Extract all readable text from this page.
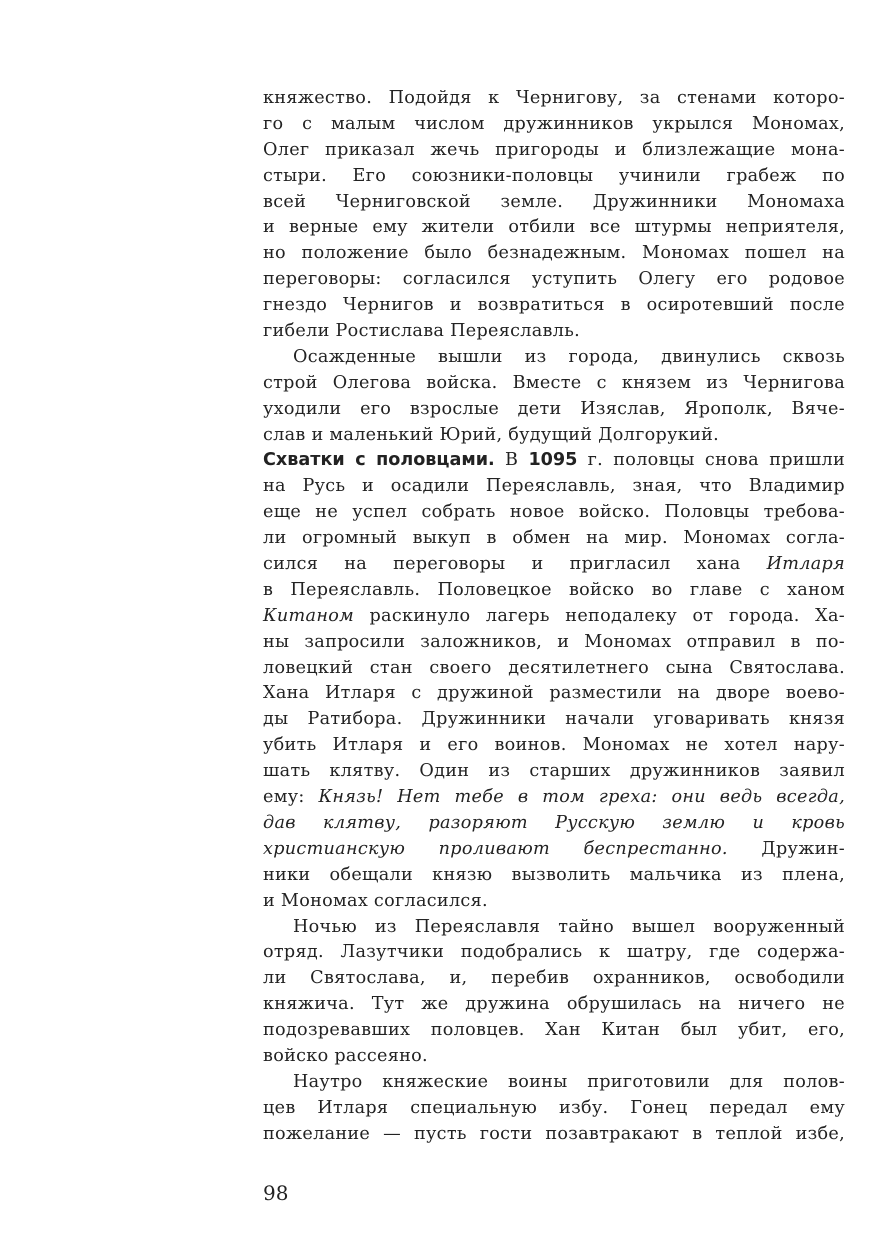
княжество. Подойдя к Чернигову, за стенами которо-
го с малым числом дружинников укрылся Мономах,
Олег приказал жечь пригороды и близлежащие мона-
стыри. Его союзники-половцы учинили грабеж по
всей Черниговской земле. Дружинники Мономаха
и верные ему жители отбили все штурмы неприятеля,
но положение было безнадежным. Мономах пошел на
переговоры: согласился уступить Олегу его родовое
гнездо Чернигов и возвратиться в осиротевший после
гибели Ростислава Переяславль.
Осажденные вышли из города, двинулись сквозь
строй Олегова войска. Вместе с князем из Чернигова
уходили его взрослые дети Изяслав, Ярополк, Вяче-
слав и маленький Юрий, будущий Долгорукий.
Схватки с половцами. В 1095 г. половцы снова пришли
на Русь и осадили Переяславль, зная, что Владимир
еще не успел собрать новое войско. Половцы требова-
ли огромный выкуп в обмен на мир. Мономах согла-
сился на переговоры и пригласил хана Итларя
в Переяславль. Половецкое войско во главе с ханом
Китаном раскинуло лагерь неподалеку от города. Ха-
ны запросили заложников, и Мономах отправил в по-
ловецкий стан своего десятилетнего сына Святослава.
Хана Итларя с дружиной разместили на дворе воево-
ды Ратибора. Дружинники начали уговаривать князя
убить Итларя и его воинов. Мономах не хотел нару-
шать клятву. Один из старших дружинников заявил
ему: Князь! Нет тебе в том греха: они ведь всегда,
дав клятву, разоряют Русскую землю и кровь
христианскую проливают беспрестанно. Дружин-
ники обещали князю вызволить мальчика из плена,
и Мономах согласился.
Ночью из Переяславля тайно вышел вооруженный
отряд. Лазутчики подобрались к шатру, где содержа-
ли Святослава, и, перебив охранников, освободили
княжича. Тут же дружина обрушилась на ничего не
подозревавших половцев. Хан Китан был убит, его,
войско рассеяно.
Наутро княжеские воины приготовили для полов-
цев Итларя специальную избу. Гонец передал ему
пожелание — пусть гости позавтракают в теплой избе,
98
